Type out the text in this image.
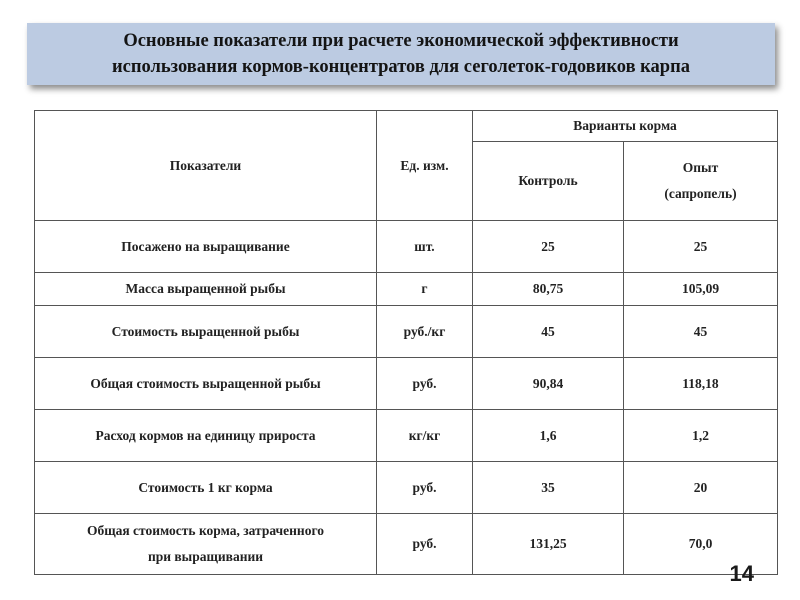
Основные показатели при расчете экономической эффективности
использования кормов-концентратов для сеголеток-годовиков карпа
Показатели	Ед. изм.	Варианты корма	
		Контроль	Опыт
(сапропель)

Посажено на выращивание	шт.	25	25
Масса выращенной рыбы	г	80,75	105,09
Стоимость выращенной рыбы	руб./кг	45	45
Общая стоимость выращенной рыбы	руб.	90,84	118,18
Расход кормов на единицу прироста	кг/кг	1,6	1,2
Стоимость 1 кг корма	руб.	35	20

Общая стоимость корма, затраченного
при выращивании	руб.	131,25	70,0
14
